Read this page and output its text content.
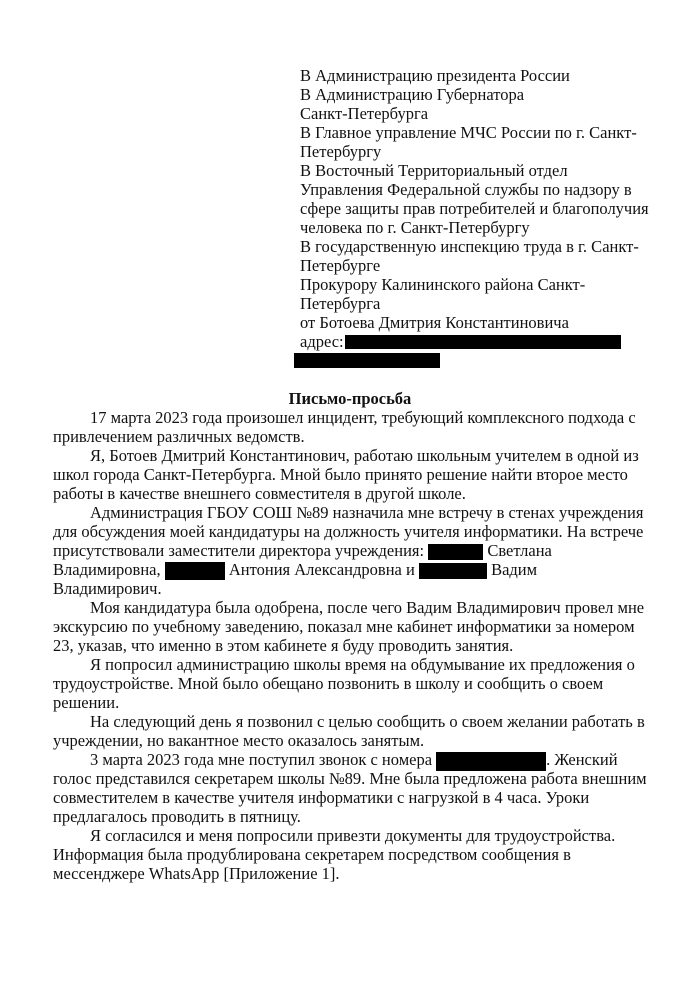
В Администрацию президента России
В Администрацию Губернатора
Санкт-Петербурга
В Главное управление МЧС России по г. Санкт-
Петербургу
В Восточный Территориальный отдел
Управления Федеральной службы по надзору в
сфере защиты прав потребителей и благополучия
человека по г. Санкт-Петербургу
В государственную инспекцию труда в г. Санкт-
Петербурге
Прокурору Калининского района Санкт-
Петербурга
от Ботоева Дмитрия Константиновича
адрес:
Письмо-просьба
17 марта 2023 года произошел инцидент, требующий комплексного подхода с
привлечением различных ведомств.
Я, Ботоев Дмитрий Константинович, работаю школьным учителем в одной из
школ города Санкт-Петербурга. Мной было принято решение найти второе место
работы в качестве внешнего совместителя в другой школе.
Администрация ГБОУ СОШ №89 назначила мне встречу в стенах учреждения
для обсуждения моей кандидатуры на должность учителя информатики. На встрече
присутствовали заместители директора учреждения:	Светлана
Владимировна,	Антония Александровна и	Вадим
Владимирович.
Моя кандидатура была одобрена, после чего Вадим Владимирович провел мне
экскурсию по учебному заведению, показал мне кабинет информатики за номером
23, указав, что именно в этом кабинете я буду проводить занятия.
Я попросил администрацию школы время на обдумывание их предложения о
трудоустройстве. Мной было обещано позвонить в школу и сообщить о своем
решении.
На следующий день я позвонил с целью сообщить о своем желании работать в
учреждении, но вакантное место оказалось занятым.
3 марта 2023 года мне поступил звонок с номера	. Женский
голос представился секретарем школы №89. Мне была предложена работа внешним
совместителем в качестве учителя информатики с нагрузкой в 4 часа. Уроки
предлагалось проводить в пятницу.
Я согласился и меня попросили привезти документы для трудоустройства.
Информация была продублирована секретарем посредством сообщения в
мессенджере WhatsApp [Приложение 1].
